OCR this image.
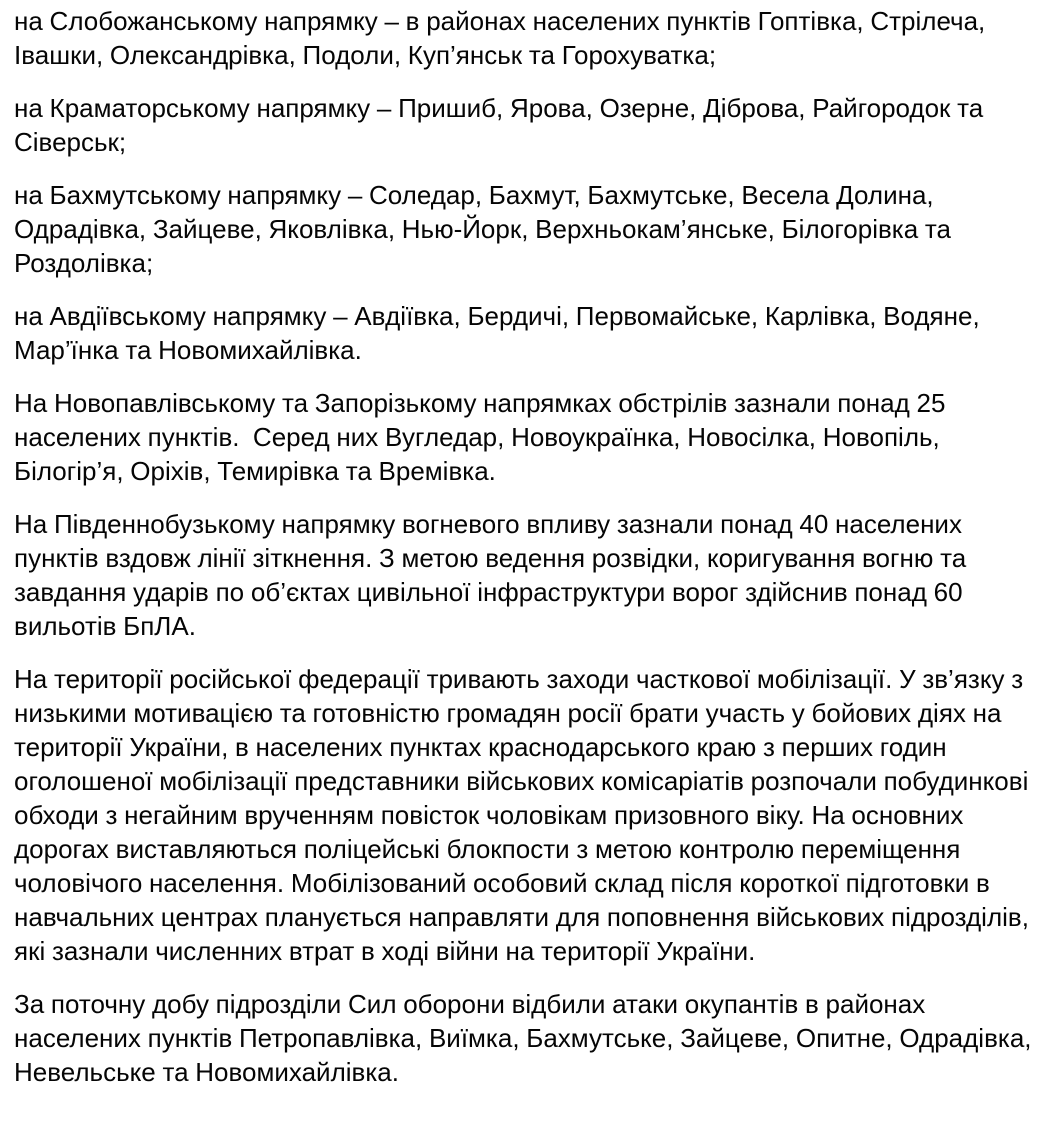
на Слобожанському напрямку – в районах населених пунктів Гоптівка, Стрілеча, Івашки, Олександрівка, Подоли, Куп’янськ та Горохуватка;

на Краматорському напрямку – Пришиб, Ярова, Озерне, Діброва, Райгородок та Сіверськ;

на Бахмутському напрямку – Соледар, Бахмут, Бахмутське, Весела Долина, Одрадівка, Зайцеве, Яковлівка, Нью-Йорк, Верхньокам’янське, Білогорівка та Роздолівка;

на Авдіївському напрямку – Авдіївка, Бердичі, Первомайське, Карлівка, Водяне, Мар’їнка та Новомихайлівка.

На Новопавлівському та Запорізькому напрямках обстрілів зазнали понад 25 населених пунктів.  Серед них Вугледар, Новоукраїнка, Новосілка, Новопіль, Білогір’я, Оріхів, Темирівка та Времівка.

На Південнобузькому напрямку вогневого впливу зазнали понад 40 населених пунктів вздовж лінії зіткнення. З метою ведення розвідки, коригування вогню та завдання ударів по об’єктах цивільної інфраструктури ворог здійснив понад 60 вильотів БпЛА.

На території російської федерації тривають заходи часткової мобілізації. У зв’язку з низькими мотивацією та готовністю громадян росії брати участь у бойових діях на території України, в населених пунктах краснодарського краю з перших годин оголошеної мобілізації представники військових комісаріатів розпочали побудинкові обходи з негайним врученням повісток чоловікам призовного віку. На основних дорогах виставляються поліцейські блокпости з метою контролю переміщення чоловічого населення. Мобілізований особовий склад після короткої підготовки в навчальних центрах планується направляти для поповнення військових підрозділів, які зазнали численних втрат в ході війни на території України.

За поточну добу підрозділи Сил оборони відбили атаки окупантів в районах населених пунктів Петропавлівка, Виїмка, Бахмутське, Зайцеве, Опитне, Одрадівка, Невельське та Новомихайлівка.
